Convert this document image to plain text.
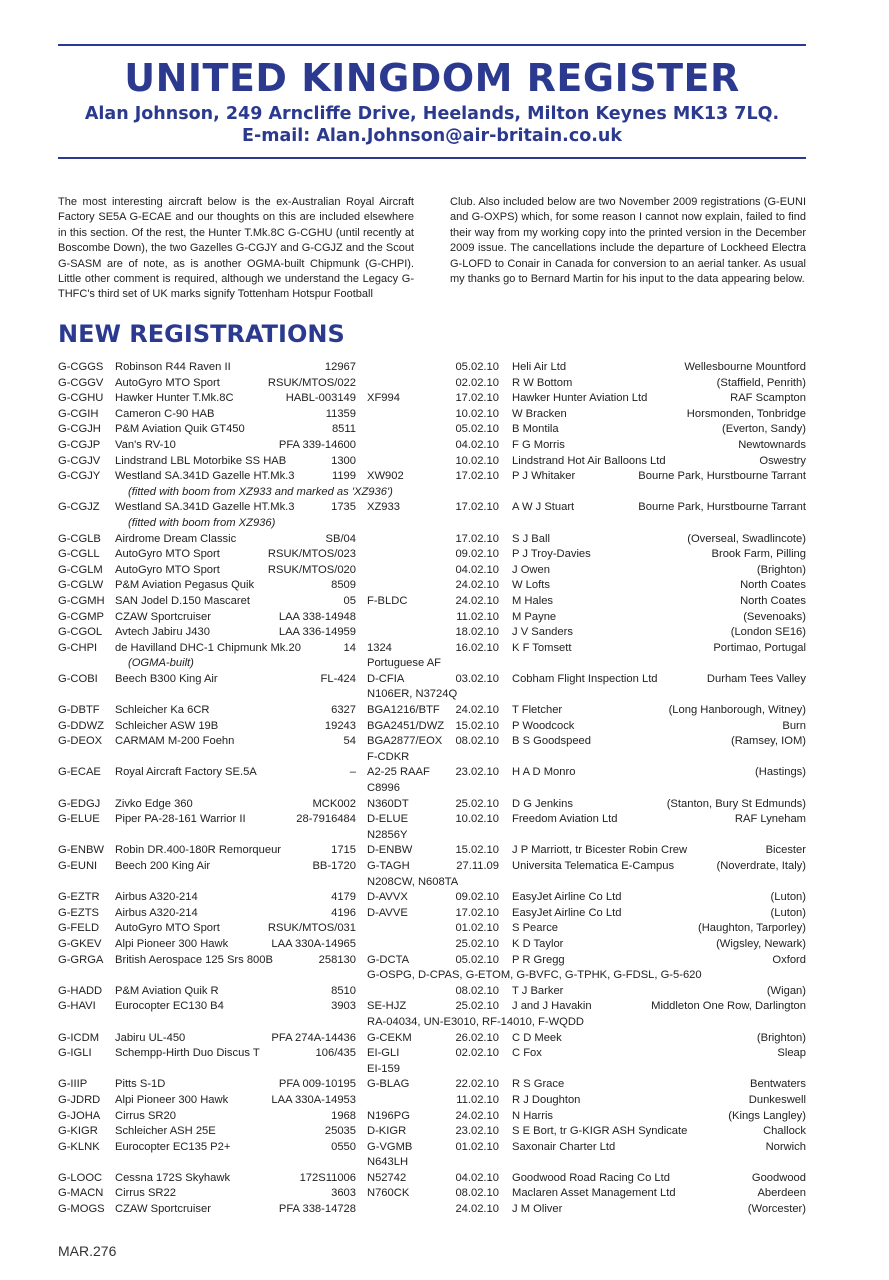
UNITED KINGDOM REGISTER
Alan Johnson, 249 Arncliffe Drive, Heelands, Milton Keynes MK13 7LQ.
E-mail: Alan.Johnson@air-britain.co.uk

The most interesting aircraft below is the ex-Australian Royal Aircraft Factory SE5A G-ECAE and our thoughts on this are included elsewhere in this section. Of the rest, the Hunter T.Mk.8C G-CGHU (until recently at Boscombe Down), the two Gazelles G-CGJY and G-CGJZ and the Scout G-SASM are of note, as is another OGMA-built Chipmunk (G-CHPI). Little other comment is required, although we understand the Legacy G-THFC's third set of UK marks signify Tottenham Hotspur Football

Club. Also included below are two November 2009 registrations (G-EUNI and G-OXPS) which, for some reason I cannot now explain, failed to find their way from my working copy into the printed version in the December 2009 issue. The cancellations include the departure of Lockheed Electra G-LOFD to Conair in Canada for conversion to an aerial tanker. As usual my thanks go to Bernard Martin for his input to the data appearing below.

NEW REGISTRATIONS
G-CGGS Robinson R44 Raven II	12967	05.02.10 Heli Air Ltd	Wellesbourne Mountford
G-CGGV AutoGyro MTO Sport	RSUK/MTOS/022	02.02.10 R W Bottom	(Staffield, Penrith)
G-CGHU Hawker Hunter T.Mk.8C	HABL-003149 XF994	17.02.10 Hawker Hunter Aviation Ltd	RAF Scampton
G-CGIH Cameron C-90 HAB	11359	10.02.10 W Bracken	Horsmonden, Tonbridge
G-CGJH P&M Aviation Quik GT450	8511	05.02.10 B Montila	(Everton, Sandy)
G-CGJP Van's RV-10	PFA 339-14600	04.02.10 F G Morris	Newtownards
G-CGJV Lindstrand LBL Motorbike SS HAB	1300	10.02.10 Lindstrand Hot Air Balloons Ltd	Oswestry
G-CGJY Westland SA.341D Gazelle HT.Mk.3	1199 XW902	17.02.10 P J Whitaker	Bourne Park, Hurstbourne Tarrant
(fitted with boom from XZ933 and marked as 'XZ936')
G-CGJZ Westland SA.341D Gazelle HT.Mk.3	1735 XZ933	17.02.10 A W J Stuart	Bourne Park, Hurstbourne Tarrant
(fitted with boom from XZ936)
G-CGLB Airdrome Dream Classic	SB/04	17.02.10 S J Ball	(Overseal, Swadlincote)
G-CGLL AutoGyro MTO Sport	RSUK/MTOS/023	09.02.10 P J Troy-Davies	Brook Farm, Pilling
G-CGLM AutoGyro MTO Sport	RSUK/MTOS/020	04.02.10 J Owen	(Brighton)
G-CGLW P&M Aviation Pegasus Quik	8509	24.02.10 W Lofts	North Coates
G-CGMH SAN Jodel D.150 Mascaret	05 F-BLDC	24.02.10 M Hales	North Coates
G-CGMP CZAW Sportcruiser	LAA 338-14948	11.02.10 M Payne	(Sevenoaks)
G-CGOL Avtech Jabiru J430	LAA 336-14959	18.02.10 J V Sanders	(London SE16)
G-CHPI de Havilland DHC-1 Chipmunk Mk.20	14 1324	16.02.10 K F Tomsett	Portimao, Portugal
(OGMA-built)	Portuguese AF
G-COBI Beech B300 King Air	FL-424 D-CFIA	03.02.10 Cobham Flight Inspection Ltd	Durham Tees Valley
N106ER, N3724Q
G-DBTF Schleicher Ka 6CR	6327 BGA1216/BTF	24.02.10 T Fletcher	(Long Hanborough, Witney)
G-DDWZ Schleicher ASW 19B	19243 BGA2451/DWZ	15.02.10 P Woodcock	Burn
G-DEOX CARMAM M-200 Foehn	54 BGA2877/EOX	08.02.10 B S Goodspeed	(Ramsey, IOM)
F-CDKR
G-ECAE Royal Aircraft Factory SE.5A	– A2-25 RAAF	23.02.10 H A D Monro	(Hastings)
C8996
G-EDGJ Zivko Edge 360	MCK002 N360DT	25.02.10 D G Jenkins	(Stanton, Bury St Edmunds)
G-ELUE Piper PA-28-161 Warrior II	28-7916484 D-ELUE	10.02.10 Freedom Aviation Ltd	RAF Lyneham
N2856Y
G-ENBW Robin DR.400-180R Remorqueur	1715 D-ENBW	15.02.10 J P Marriott, tr Bicester Robin Crew	Bicester
G-EUNI Beech 200 King Air	BB-1720 G-TAGH	27.11.09 Universita Telematica E-Campus	(Noverdrate, Italy)
N208CW, N608TA
G-EZTR Airbus A320-214	4179 D-AVVX	09.02.10 EasyJet Airline Co Ltd	(Luton)
G-EZTS Airbus A320-214	4196 D-AVVE	17.02.10 EasyJet Airline Co Ltd	(Luton)
G-FELD AutoGyro MTO Sport	RSUK/MTOS/031	01.02.10 S Pearce	(Haughton, Tarporley)
G-GKEV Alpi Pioneer 300 Hawk	LAA 330A-14965	25.02.10 K D Taylor	(Wigsley, Newark)
G-GRGA British Aerospace 125 Srs 800B	258130 G-DCTA	05.02.10 P R Gregg	Oxford
G-OSPG, D-CPAS, G-ETOM, G-BVFC, G-TPHK, G-FDSL, G-5-620
G-HADD P&M Aviation Quik R	8510	08.02.10 T J Barker	(Wigan)
G-HAVI Eurocopter EC130 B4	3903 SE-HJZ	25.02.10 J and J Havakin	Middleton One Row, Darlington
RA-04034, UN-E3010, RF-14010, F-WQDD
G-ICDM Jabiru UL-450	PFA 274A-14436 G-CEKM	26.02.10 C D Meek	(Brighton)
G-IGLI Schempp-Hirth Duo Discus T	106/435 EI-GLI	02.02.10 C Fox	Sleap
EI-159
G-IIIP Pitts S-1D	PFA 009-10195 G-BLAG	22.02.10 R S Grace	Bentwaters
G-JDRD Alpi Pioneer 300 Hawk	LAA 330A-14953	11.02.10 R J Doughton	Dunkeswell
G-JOHA Cirrus SR20	1968 N196PG	24.02.10 N Harris	(Kings Langley)
G-KIGR Schleicher ASH 25E	25035 D-KIGR	23.02.10 S E Bort, tr G-KIGR ASH Syndicate	Challock
G-KLNK Eurocopter EC135 P2+	0550 G-VGMB	01.02.10 Saxonair Charter Ltd	Norwich
N643LH
G-LOOC Cessna 172S Skyhawk	172S11006 N52742	04.02.10 Goodwood Road Racing Co Ltd	Goodwood
G-MACN Cirrus SR22	3603 N760CK	08.02.10 Maclaren Asset Management Ltd	Aberdeen
G-MOGS CZAW Sportcruiser	PFA 338-14728	24.02.10 J M Oliver	(Worcester)
MAR.276
